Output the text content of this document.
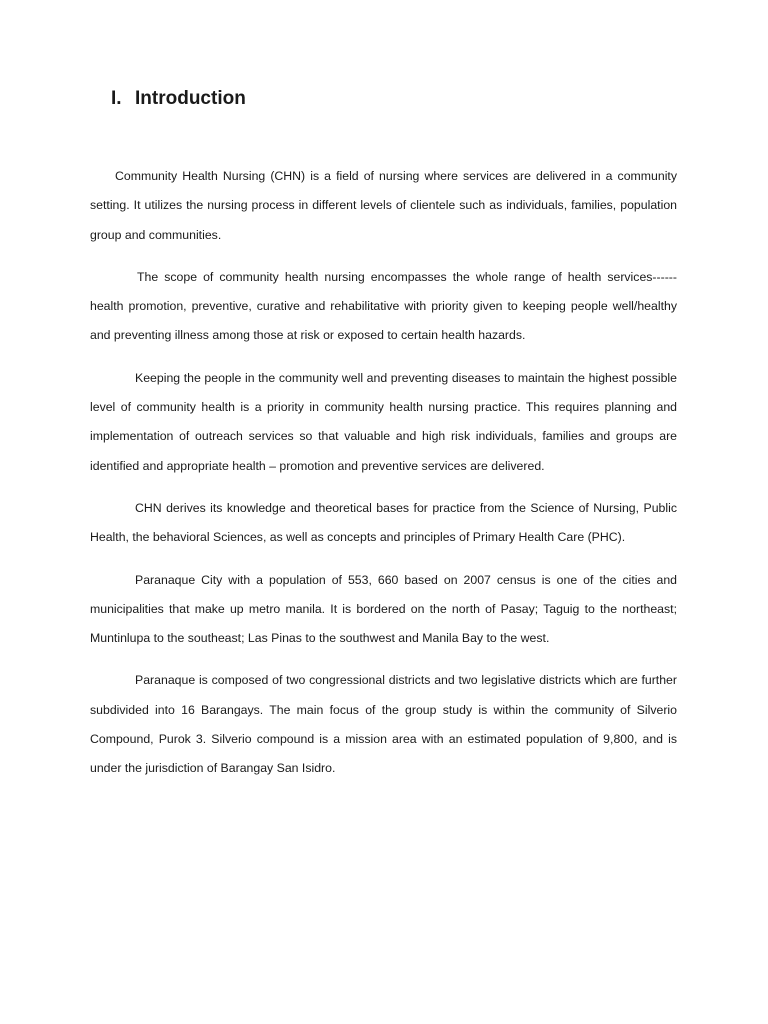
I. Introduction

Community Health Nursing (CHN) is a field of nursing where services are delivered in a community setting. It utilizes the nursing process in different levels of clientele such as individuals, families, population group and communities.

The scope of community health nursing encompasses the whole range of health services------ health promotion, preventive, curative and rehabilitative with priority given to keeping people well/healthy and preventing illness among those at risk or exposed to certain health hazards.

Keeping the people in the community well and preventing diseases to maintain the highest possible level of community health is a priority in community health nursing practice. This requires planning and implementation of outreach services so that valuable and high risk individuals, families and groups are identified and appropriate health – promotion and preventive services are delivered.

CHN derives its knowledge and theoretical bases for practice from the Science of Nursing, Public Health, the behavioral Sciences, as well as concepts and principles of Primary Health Care (PHC).

Paranaque City with a population of 553, 660 based on 2007 census is one of the cities and municipalities that make up metro manila. It is bordered on the north of Pasay; Taguig to the northeast; Muntinlupa to the southeast; Las Pinas to the southwest and Manila Bay to the west.

Paranaque is composed of two congressional districts and two legislative districts which are further subdivided into 16 Barangays. The main focus of the group study is within the community of Silverio Compound, Purok 3. Silverio compound is a mission area with an estimated population of 9,800, and is under the jurisdiction of Barangay San Isidro.
